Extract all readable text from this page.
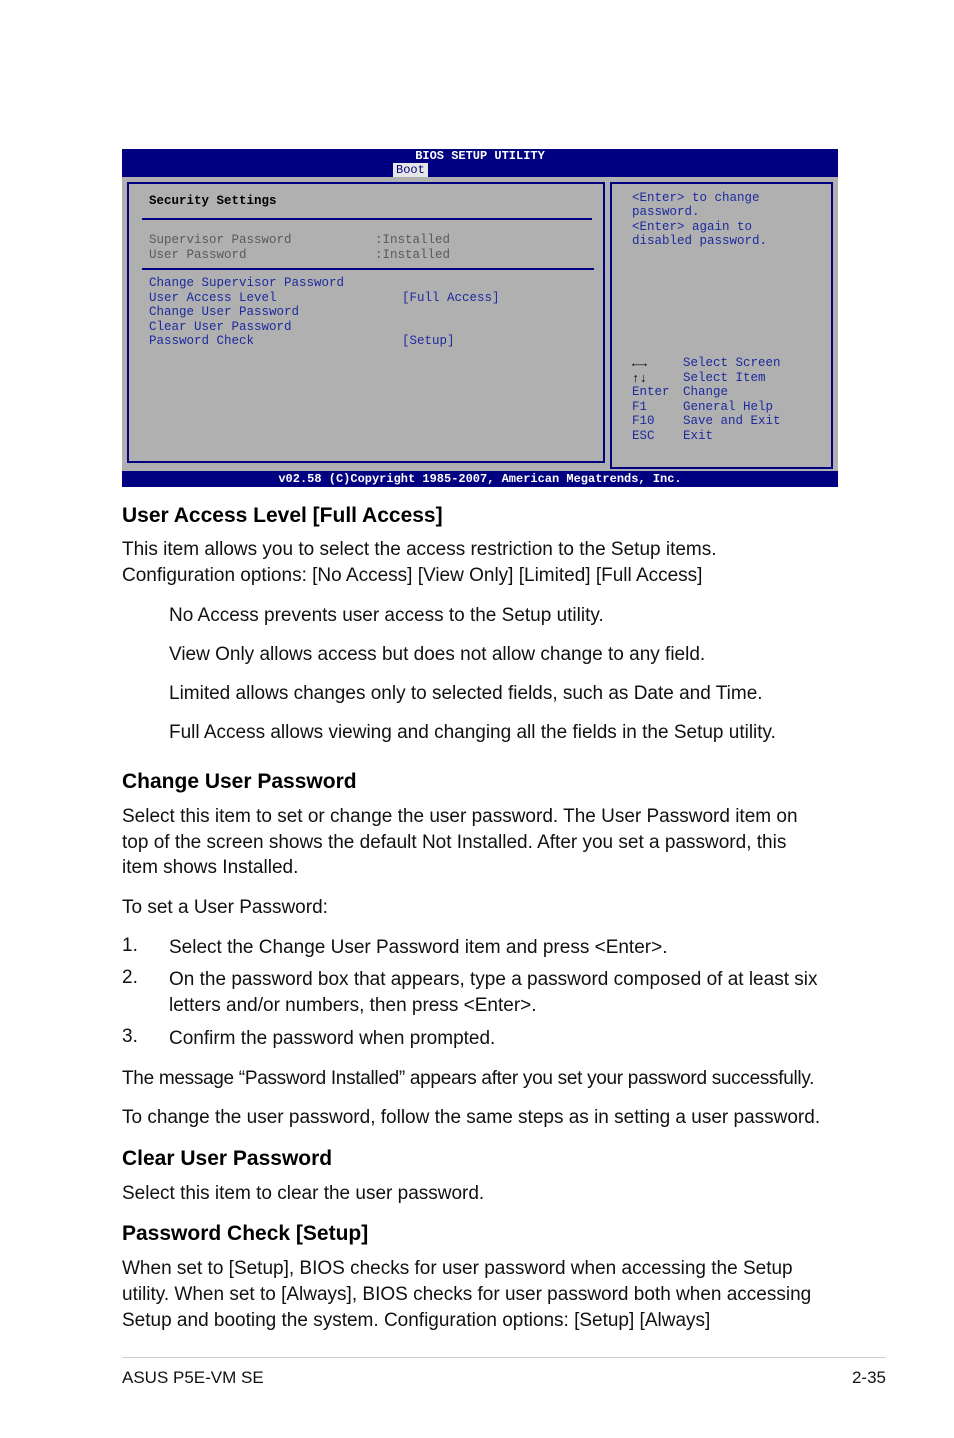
BIOS SETUP UTILITY
Boot
Security Settings
Supervisor Password	:Installed
User Password	:Installed
Change Supervisor Password
User Access Level	[Full Access]
Change User Password
Clear User Password
Password Check	[Setup]
<Enter> to change
password.
<Enter> again to
disabled password.
←→	Select Screen
↑↓	Select Item
Enter Change
F1	General Help
F10 Save and Exit
ESC Exit
v02.58 (C)Copyright 1985-2007, American Megatrends, Inc.
User Access Level [Full Access]
This item allows you to select the access restriction to the Setup items.
Configuration options: [No Access] [View Only] [Limited] [Full Access]
No Access prevents user access to the Setup utility.
View Only allows access but does not allow change to any field.
Limited allows changes only to selected fields, such as Date and Time.
Full Access allows viewing and changing all the fields in the Setup utility.
Change User Password
Select this item to set or change the user password. The User Password item on
top of the screen shows the default Not Installed. After you set a password, this
item shows Installed.
To set a User Password:
1. Select the Change User Password item and press <Enter>.
2. On the password box that appears, type a password composed of at least six
letters and/or numbers, then press <Enter>.
3. Confirm the password when prompted.
The message “Password Installed” appears after you set your password successfully.
To change the user password, follow the same steps as in setting a user password.
Clear User Password
Select this item to clear the user password.
Password Check [Setup]
When set to [Setup], BIOS checks for user password when accessing the Setup
utility. When set to [Always], BIOS checks for user password both when accessing
Setup and booting the system. Configuration options: [Setup] [Always]
ASUS P5E-VM SE	2-35
